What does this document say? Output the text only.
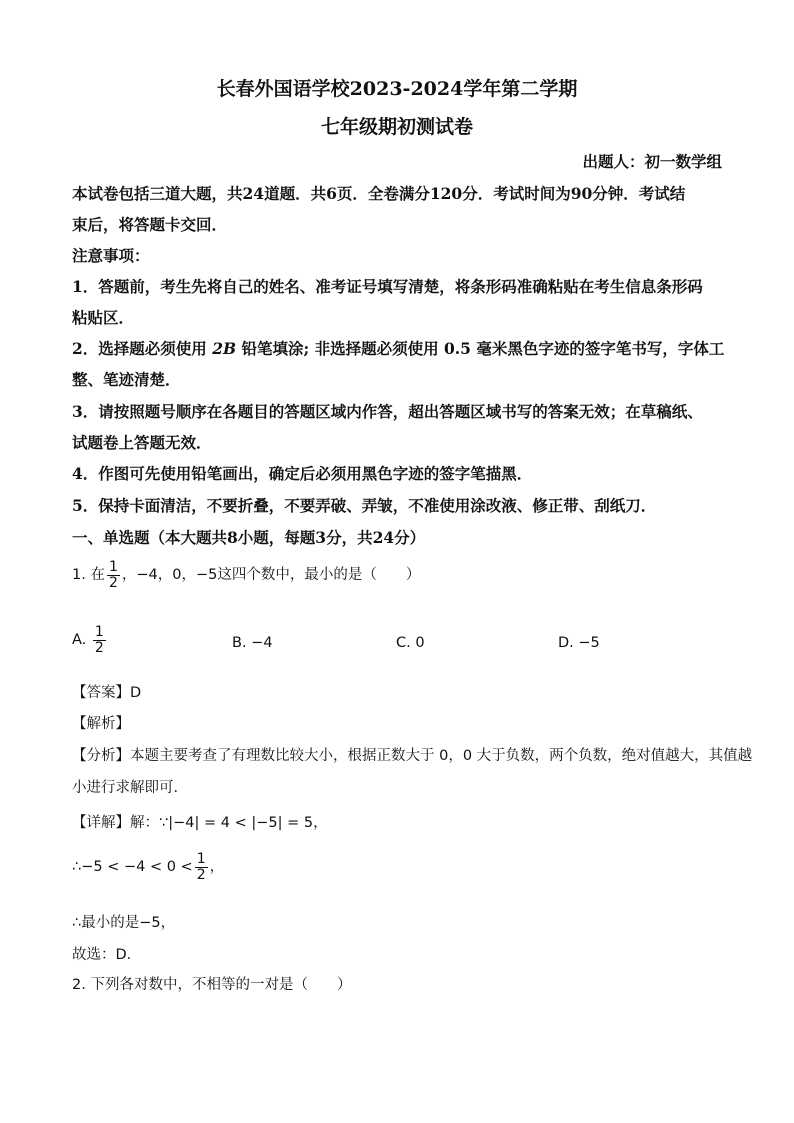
长春外国语学校2023-2024学年第二学期
七年级期初测试卷
出题人：初一数学组
本试卷包括三道大题，共24道题．共6页．全卷满分120分．考试时间为90分钟．考试结
束后，将答题卡交回．
注意事项：
1．答题前，考生先将自己的姓名、准考证号填写清楚，将条形码准确粘贴在考生信息条形码
粘贴区．
2．选择题必须使用 2B 铅笔填涂; 非选择题必须使用 0.5 毫米黑色字迹的签字笔书写，字体工
整、笔迹清楚．
3．请按照题号顺序在各题目的答题区域内作答，超出答题区域书写的答案无效；在草稿纸、
试题卷上答题无效．
4．作图可先使用铅笔画出，确定后必须用黑色字迹的签字笔描黑．
5．保持卡面清洁，不要折叠，不要弄破、弄皱，不准使用涂改液、修正带、刮纸刀．
一、单选题（本大题共8小题，每题3分，共24分）
1. 在 $\frac{1}{2}$ ，−4，0，−5这四个数中，最小的是（　　）
A. $\frac{1}{2}$	B. −4	C. 0	D. −5
【答案】D
【解析】
【分析】本题主要考查了有理数比较大小，根据正数大于 0，0 大于负数，两个负数，绝对值越大，其值越
小进行求解即可．
【详解】解：∵|−4| = 4 < |−5| = 5，
∴−5 < $-4 < 0 < \frac{1}{2}$ ，
∴最小的是−5，
故选：D．
2. 下列各对数中，不相等的一对是（　　）
